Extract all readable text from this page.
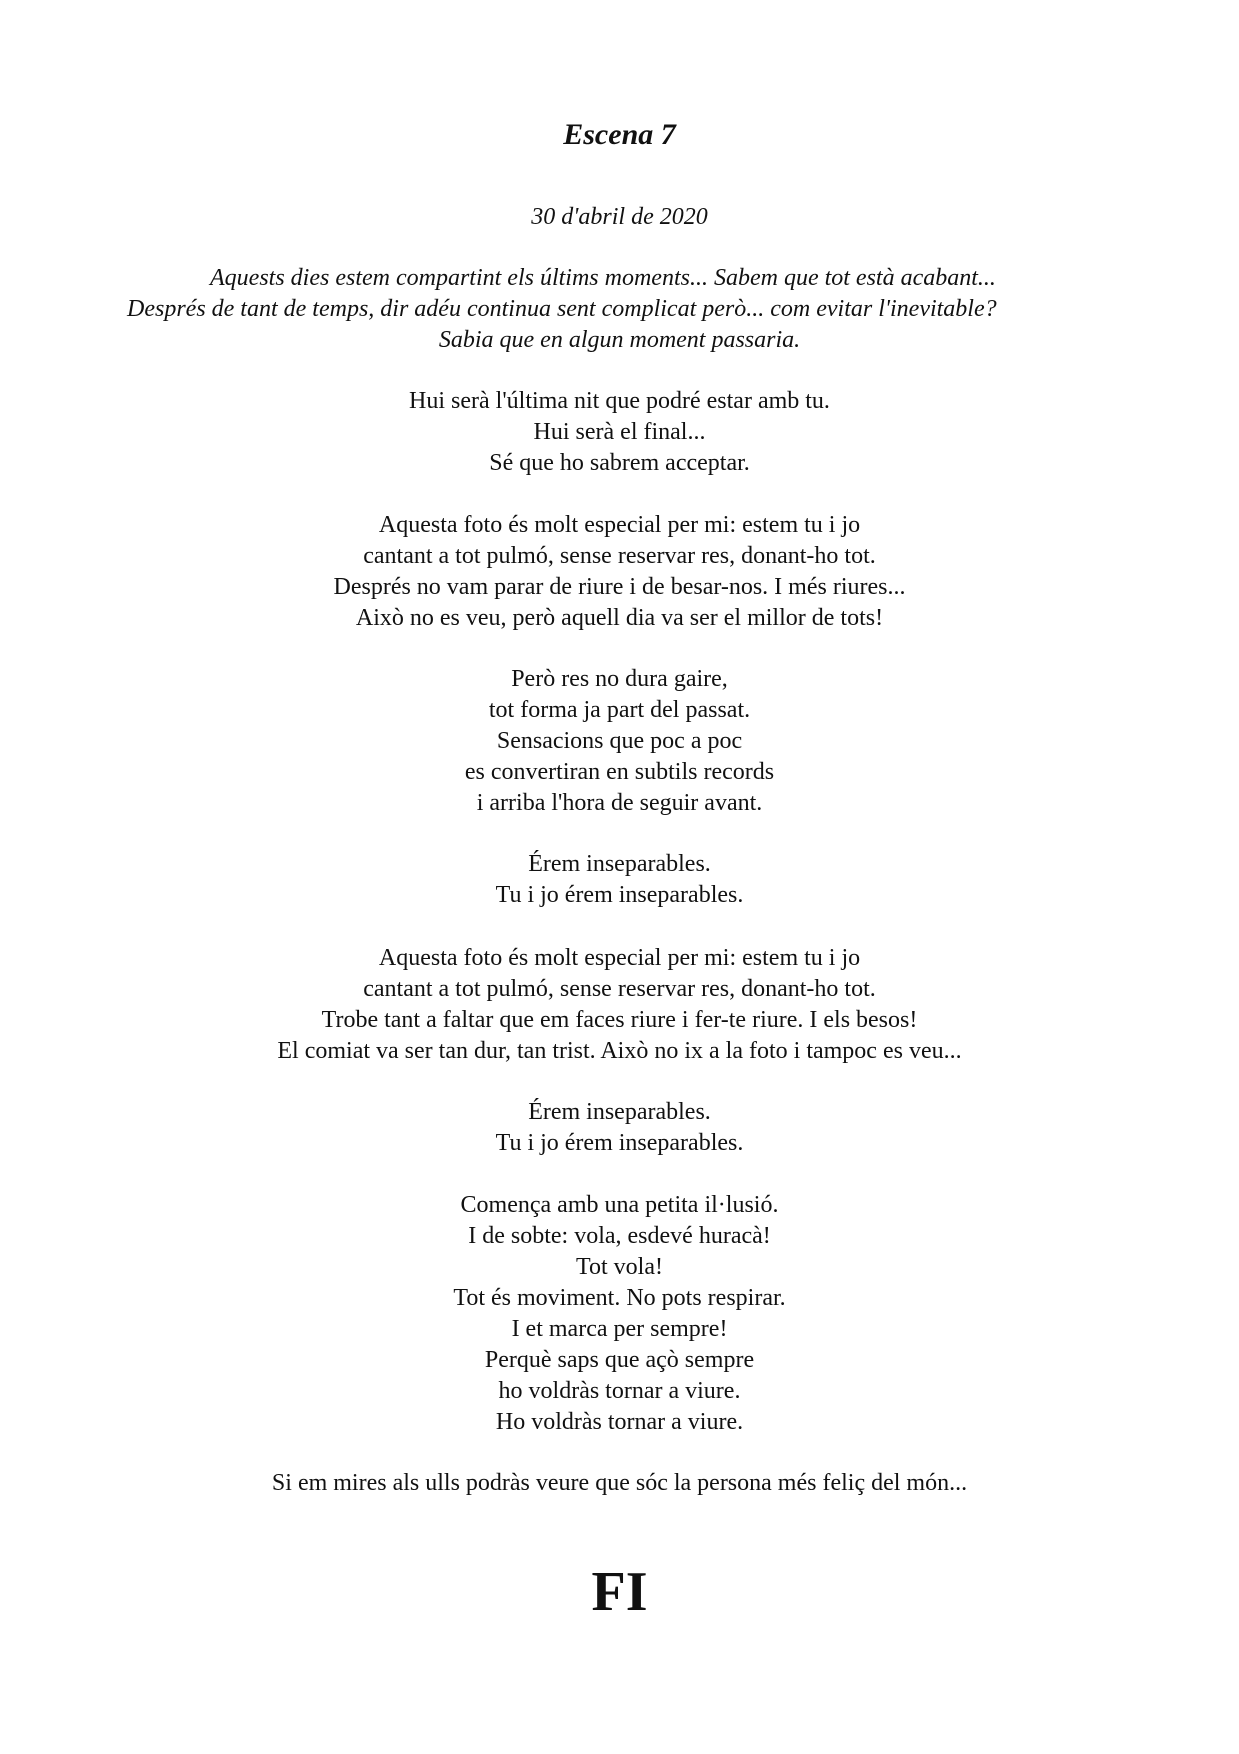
Escena 7
30 d'abril de 2020
Aquests dies estem compartint els últims moments... Sabem que tot està acabant...
Després de tant de temps, dir adéu continua sent complicat però... com evitar l'inevitable?
Sabia que en algun moment passaria.
Hui serà l'última nit que podré estar amb tu.
Hui serà el final...
Sé que ho sabrem acceptar.
Aquesta foto és molt especial per mi: estem tu i jo
cantant a tot pulmó, sense reservar res, donant-ho tot.
Després no vam parar de riure i de besar-nos. I més riures...
Això no es veu, però aquell dia va ser el millor de tots!
Però res no dura gaire,
tot forma ja part del passat.
Sensacions que poc a poc
es convertiran en subtils records
i arriba l'hora de seguir avant.
Érem inseparables.
Tu i jo érem inseparables.
Aquesta foto és molt especial per mi: estem tu i jo
cantant a tot pulmó, sense reservar res, donant-ho tot.
Trobe tant a faltar que em faces riure i fer-te riure. I els besos!
El comiat va ser tan dur, tan trist. Això no ix a la foto i tampoc es veu...
Érem inseparables.
Tu i jo érem inseparables.
Comença amb una petita il·lusió.
I de sobte: vola, esdevé huracà!
Tot vola!
Tot és moviment. No pots respirar.
I et marca per sempre!
Perquè saps que açò sempre
ho voldràs tornar a viure.
Ho voldràs tornar a viure.
Si em mires als ulls podràs veure que sóc la persona més feliç del món...
FI
